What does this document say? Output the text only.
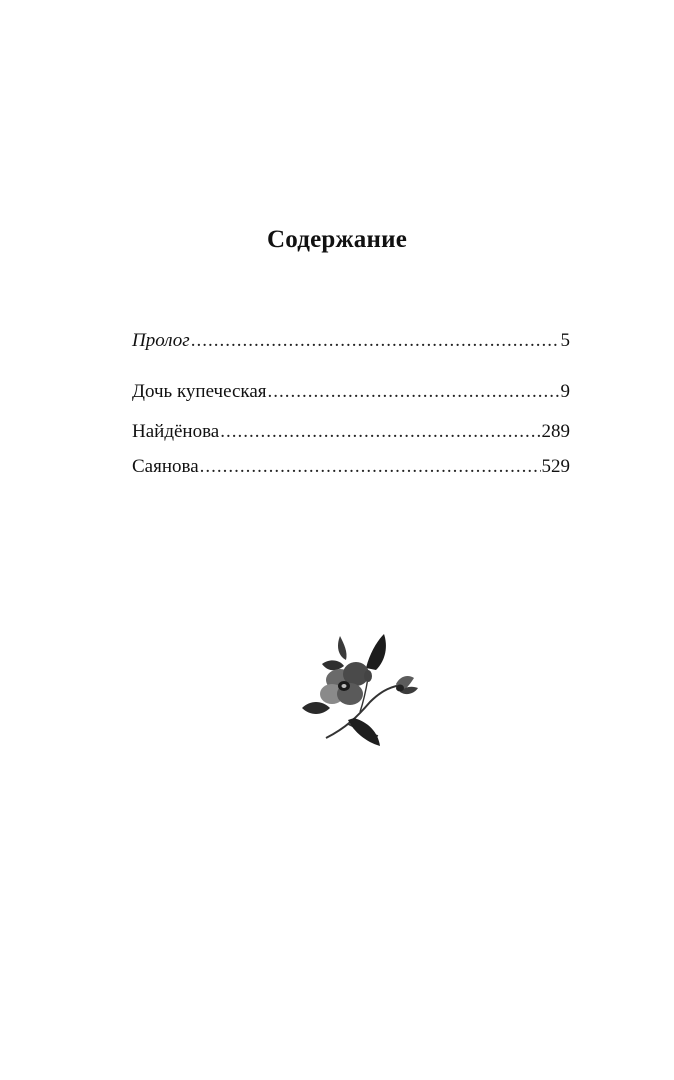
Содержание
Пролог .....	5
Дочь купеческая .....	9
Найдёнова .....	289
Саянова .....	529
